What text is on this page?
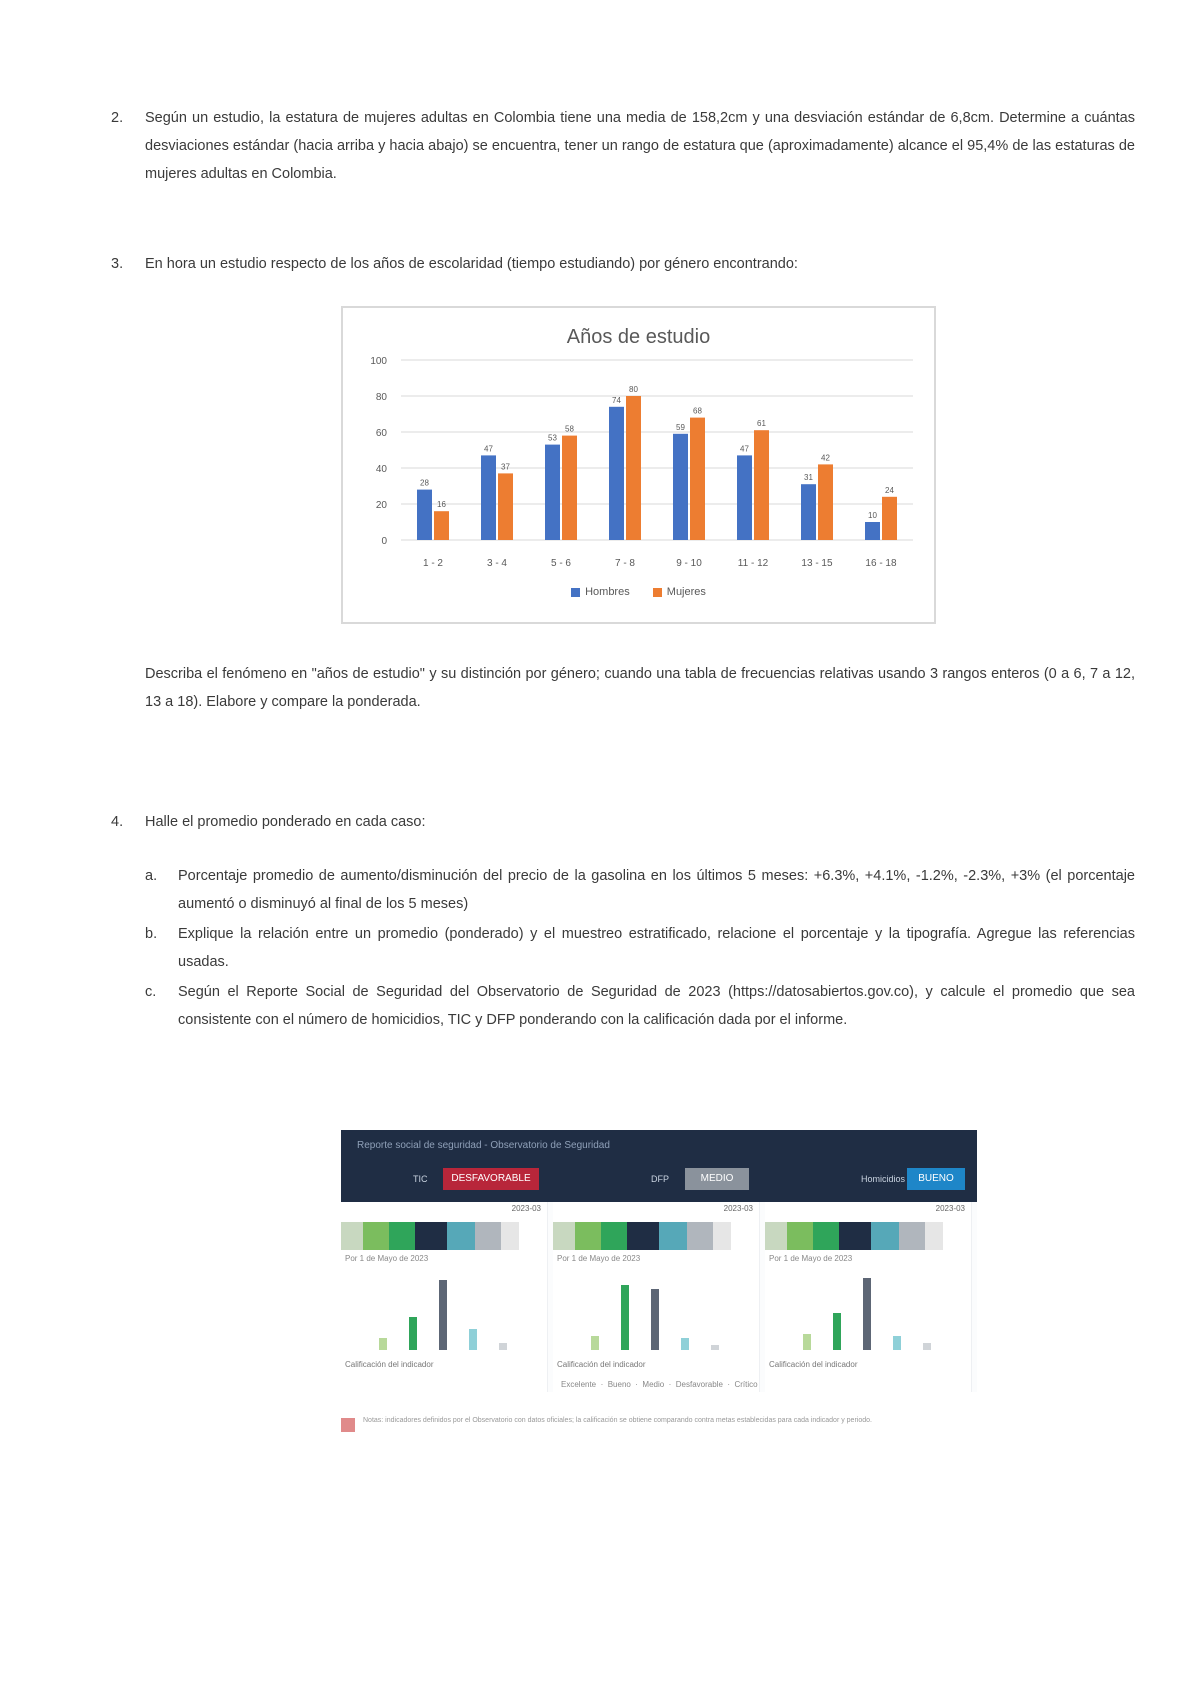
2. Según un estudio, la estatura de mujeres adultas en Colombia tiene una media de 158,2cm y una desviación estándar de 6,8cm. Determine a cuántas desviaciones estándar (hacia arriba y hacia abajo) se encuentra, tener un rango de estatura que (aproximadamente) alcance el 95,4% de las estaturas de mujeres adultas en Colombia.
3. En hora un estudio respecto de los años de escolaridad (tiempo estudiando) por género encontrando:
Años de estudio
0
20
40
60
80
100
28
16
1 - 2
47
37
3 - 4
53
58
5 - 6
74
80
7 - 8
59
68
9 - 10
47
61
11 - 12
31
42
13 - 15
10
24
16 - 18
Hombres	Mujeres
Describa el fenómeno en "años de estudio" y su distinción por género; cuando una tabla de frecuencias relativas usando 3 rangos enteros (0 a 6, 7 a 12, 13 a 18). Elabore y compare la ponderada.
4. Halle el promedio ponderado en cada caso:
a. Porcentaje promedio de aumento/disminución del precio de la gasolina en los últimos 5 meses: +6.3%, +4.1%, -1.2%, -2.3%, +3% (el porcentaje aumentó o disminuyó al final de los 5 meses)
b. Explique la relación entre un promedio (ponderado) y el muestreo estratificado, relacione el porcentaje y la tipografía. Agregue las referencias usadas.
c. Según el Reporte Social de Seguridad del Observatorio de Seguridad de 2023 (https://datosabiertos.gov.co), y calcule el promedio que sea consistente con el número de homicidios, TIC y DFP ponderando con la calificación dada por el informe.
Reporte social de seguridad - Observatorio de Seguridad
TIC	DESFAVORABLE	DFP	MEDIO	Homicidios	BUENO
2023-03
Por 1 de Mayo de 2023
Calificación del indicador
2023-03
Por 1 de Mayo de 2023
Calificación del indicador
2023-03
Por 1 de Mayo de 2023
Calificación del indicador
Excelente  ·  Bueno  ·  Medio  ·  Desfavorable  ·  Crítico
Notas: indicadores definidos por el Observatorio con datos oficiales; la calificación se obtiene comparando contra metas establecidas para cada indicador y periodo.
